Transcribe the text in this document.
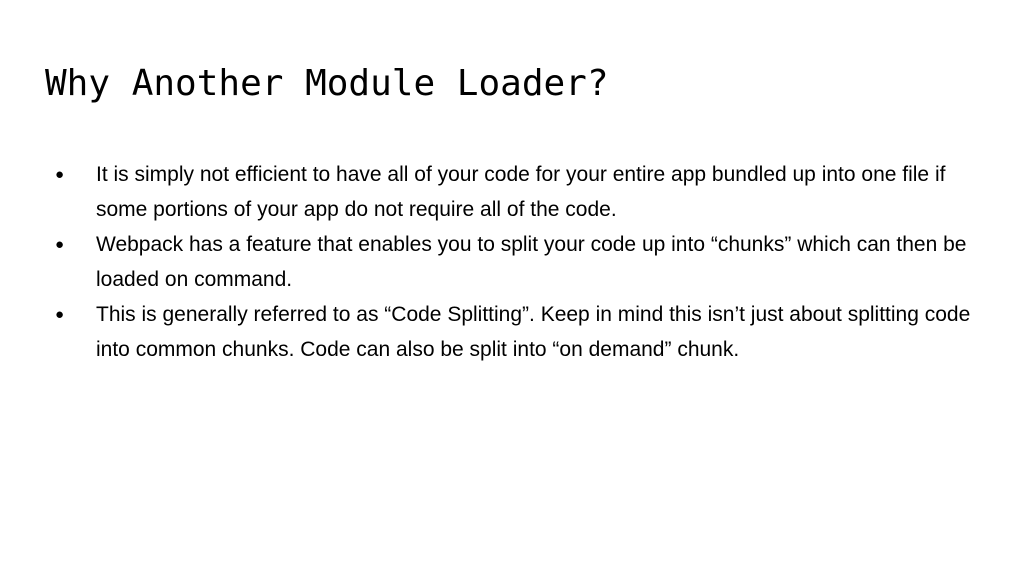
Why Another Module Loader?
● It is simply not efficient to have all of your code for your entire app bundled up into one file if some portions of your app do not require all of the code.
● Webpack has a feature that enables you to split your code up into “chunks” which can then be loaded on command.
● This is generally referred to as “Code Splitting”. Keep in mind this isn’t just about splitting code into common chunks. Code can also be split into “on demand” chunk.
